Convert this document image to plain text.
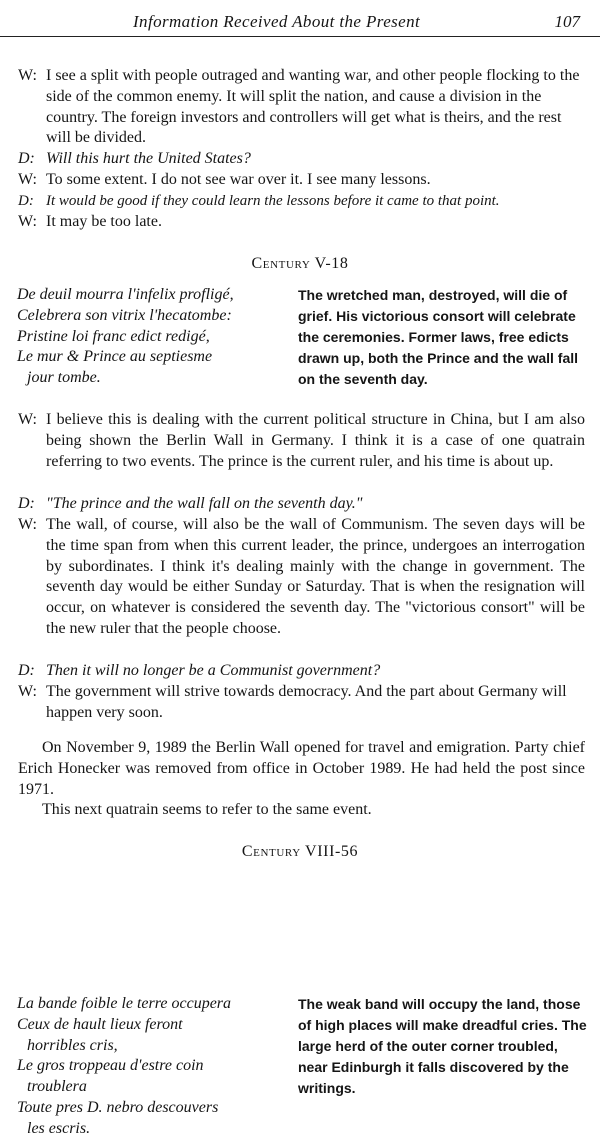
Information Received About the Present	107
W: I see a split with people outraged and wanting war, and other people flocking to the side of the common enemy. It will split the nation, and cause a division in the country. The foreign investors and controllers will get what is theirs, and the rest will be divided.
D: Will this hurt the United States?
W: To some extent. I do not see war over it. I see many lessons.
D: It would be good if they could learn the lessons before it came to that point.
W: It may be too late.
Century V-18
De deuil mourra l'infelix profligé,
Celebrera son vitrix l'hecatombe:
Pristine loi franc edict redigé,
Le mur & Prince au septiesme
jour tombe.
The wretched man, destroyed, will die of grief. His victorious consort will celebrate the ceremonies. Former laws, free edicts drawn up, both the Prince and the wall fall on the seventh day.
W: I believe this is dealing with the current political structure in China, but I am also being shown the Berlin Wall in Germany. I think it is a case of one quatrain referring to two events. The prince is the current ruler, and his time is about up.
D: "The prince and the wall fall on the seventh day."
W: The wall, of course, will also be the wall of Communism. The seven days will be the time span from when this current leader, the prince, undergoes an interrogation by subordinates. I think it's dealing mainly with the change in government. The seventh day would be either Sunday or Saturday. That is when the resignation will occur, on whatever is considered the seventh day. The "victorious consort" will be the new ruler that the people choose.
D: Then it will no longer be a Communist government?
W: The government will strive towards democracy. And the part about Germany will happen very soon.
On November 9, 1989 the Berlin Wall opened for travel and emigration. Party chief Erich Honecker was removed from office in October 1989. He had held the post since 1971.
This next quatrain seems to refer to the same event.
Century VIII-56
La bande foible le terre occupera
Ceux de hault lieux feront
horribles cris,
Le gros troppeau d'estre coin
troublera
Toute pres D. nebro descouvers
les escris.
The weak band will occupy the land, those of high places will make dreadful cries. The large herd of the outer corner troubled, near Edinburgh it falls discovered by the writings.
